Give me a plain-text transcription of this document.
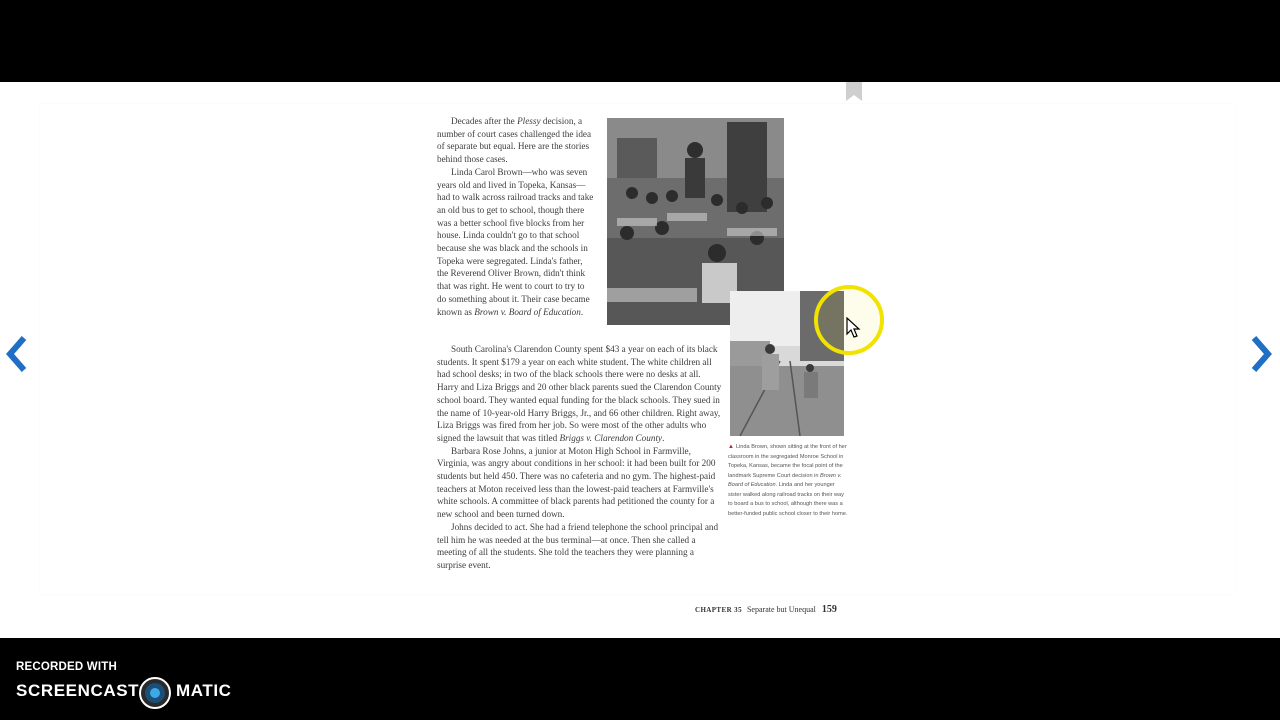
Decades after the Plessy decision, a number of court cases challenged the idea of separate but equal. Here are the stories behind those cases.

Linda Carol Brown—who was seven years old and lived in Topeka, Kansas—had to walk across railroad tracks and take an old bus to get to school, though there was a better school five blocks from her house. Linda couldn't go to that school because she was black and the schools in Topeka were segregated. Linda's father, the Reverend Oliver Brown, didn't think that was right. He went to court to try to do something about it. Their case became known as Brown v. Board of Education.

▲ Linda Brown, shown sitting at the front of her classroom in the segregated Monroe School in Topeka, Kansas, became the focal point of the landmark Supreme Court decision in Brown v. Board of Education. Linda and her younger sister walked along railroad tracks on their way to board a bus to school, although there was a better-funded public school closer to their home.

South Carolina's Clarendon County spent $43 a year on each of its black students. It spent $179 a year on each white student. The white children all had school desks; in two of the black schools there were no desks at all. Harry and Liza Briggs and 20 other black parents sued the Clarendon County school board. They wanted equal funding for the black schools. They sued in the name of 10-year-old Harry Briggs, Jr., and 66 other children. Right away, Liza Briggs was fired from her job. So were most of the other adults who signed the lawsuit that was titled Briggs v. Clarendon County.

Barbara Rose Johns, a junior at Moton High School in Farmville, Virginia, was angry about conditions in her school: it had been built for 200 students but held 450. There was no cafeteria and no gym. The highest-paid teachers at Moton received less than the lowest-paid teachers at Farmville's white schools. A committee of black parents had petitioned the county for a new school and been turned down.

Johns decided to act. She had a friend telephone the school principal and tell him he was needed at the bus terminal—at once. Then she called a meeting of all the students. She told the teachers they were planning a surprise event.

CHAPTER 35 Separate but Unequal 159
RECORDED WITH
SCREENCAST MATIC
